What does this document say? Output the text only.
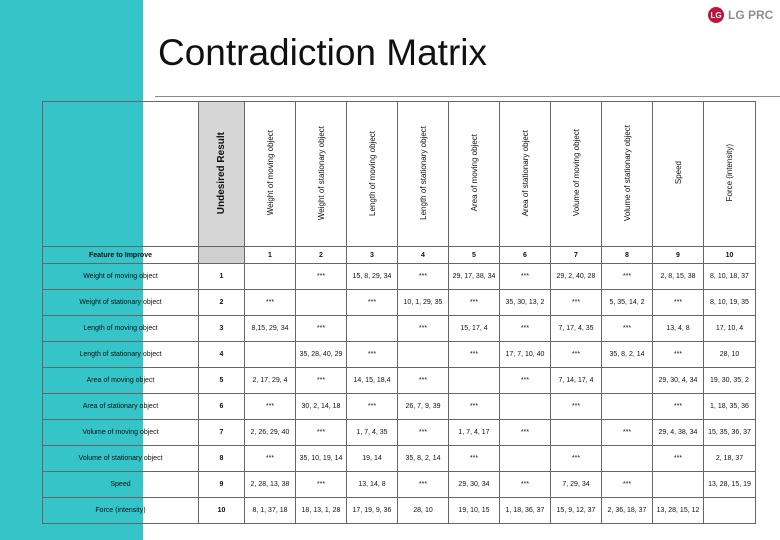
LG LG PRC
Contradiction Matrix
	Undesired Result	Weight of moving object	Weight of stationary object	Length of moving object	Length of stationary object	Area of moving object	Area of stationary object	Volume of moving object	Volume of stationary object	Speed	Force (intensity)
Feature to Improve		1	2	3	4	5	6	7	8	9	10
Weight of moving object	1		***	15, 8, 29, 34	***	29, 17, 38, 34	***	29, 2, 40, 28	***	2, 8, 15, 38	8, 10, 18, 37
Weight of stationary object	2	***		***	10, 1, 29, 35	***	35, 30, 13, 2	***	5, 35, 14, 2	***	8, 10, 19, 35
Length of moving object	3	8,15, 29, 34	***		***	15, 17, 4	***	7, 17, 4, 35	***	13, 4, 8	17, 10, 4
Length of stationary object	4		35, 28, 40, 29	***		***	17, 7, 10, 40	***	35, 8, 2, 14	***	28, 10
Area of moving object	5	2, 17, 29, 4	***	14, 15, 18,4	***		***	7, 14, 17, 4		29, 30, 4, 34	19, 30, 35, 2
Area of stationary object	6	***	30, 2, 14, 18	***	26, 7, 9, 39	***		***		***	1, 18, 35, 36
Volume of moving object	7	2, 26, 29, 40	***	1, 7, 4, 35	***	1, 7, 4, 17	***		***	29, 4, 38, 34	15, 35, 36, 37
Volume of stationary object	8	***	35, 10, 19, 14	19, 14	35, 8, 2, 14	***		***		***	2, 18, 37
Speed	9	2, 28, 13, 38	***	13, 14, 8	***	29, 30, 34	***	7, 29, 34	***		13, 28, 15, 19
Force (intensity)	10	8, 1, 37, 18	18, 13, 1, 28	17, 19, 9, 36	28, 10	19, 10, 15	1, 18, 36, 37	15, 9, 12, 37	2, 36, 18, 37	13, 28, 15, 12	
